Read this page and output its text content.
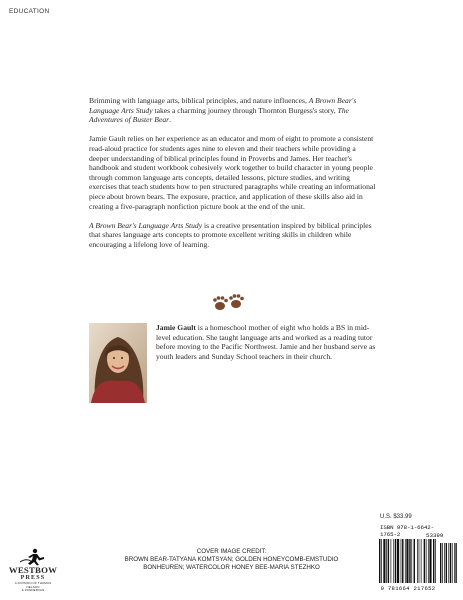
EDUCATION

Brimming with language arts, biblical principles, and nature influences, A Brown Bear's Language Arts Study takes a charming journey through Thornton Burgess's story, The Adventures of Buster Bear.

Jamie Gault relies on her experience as an educator and mom of eight to promote a consistent read-aloud practice for students ages nine to eleven and their teachers while providing a deeper understanding of biblical principles found in Proverbs and James. Her teacher's handbook and student workbook cohesively work together to build character in young people through common language arts concepts, detailed lessons, picture studies, and writing exercises that teach students how to pen structured paragraphs while creating an informational piece about brown bears. The exposure, practice, and application of these skills also aid in creating a five-paragraph nonfiction picture book at the end of the unit.

A Brown Bear's Language Arts Study is a creative presentation inspired by biblical principles that shares language arts concepts to promote excellent writing skills in children while encouraging a lifelong love of learning.

Jamie Gault is a homeschool mother of eight who holds a BS in mid-level education. She taught language arts and worked as a reading tutor before moving to the Pacific Northwest. Jamie and her husband serve as youth leaders and Sunday School teachers in their church.
WESTBOW
PRESS
A DIVISION OF THOMAS NELSON
& ZONDERVAN
COVER IMAGE CREDIT:
BROWN BEAR-TATYANA KOMTSYAN; GOLDEN HONEYCOMB-EMSTUDIO
BONHEUREN; WATERCOLOR HONEY BEE-MARIA STEZHKO
U.S. $33.99
ISBN 978-1-6642-1765-2	53399
9 781664 217652
